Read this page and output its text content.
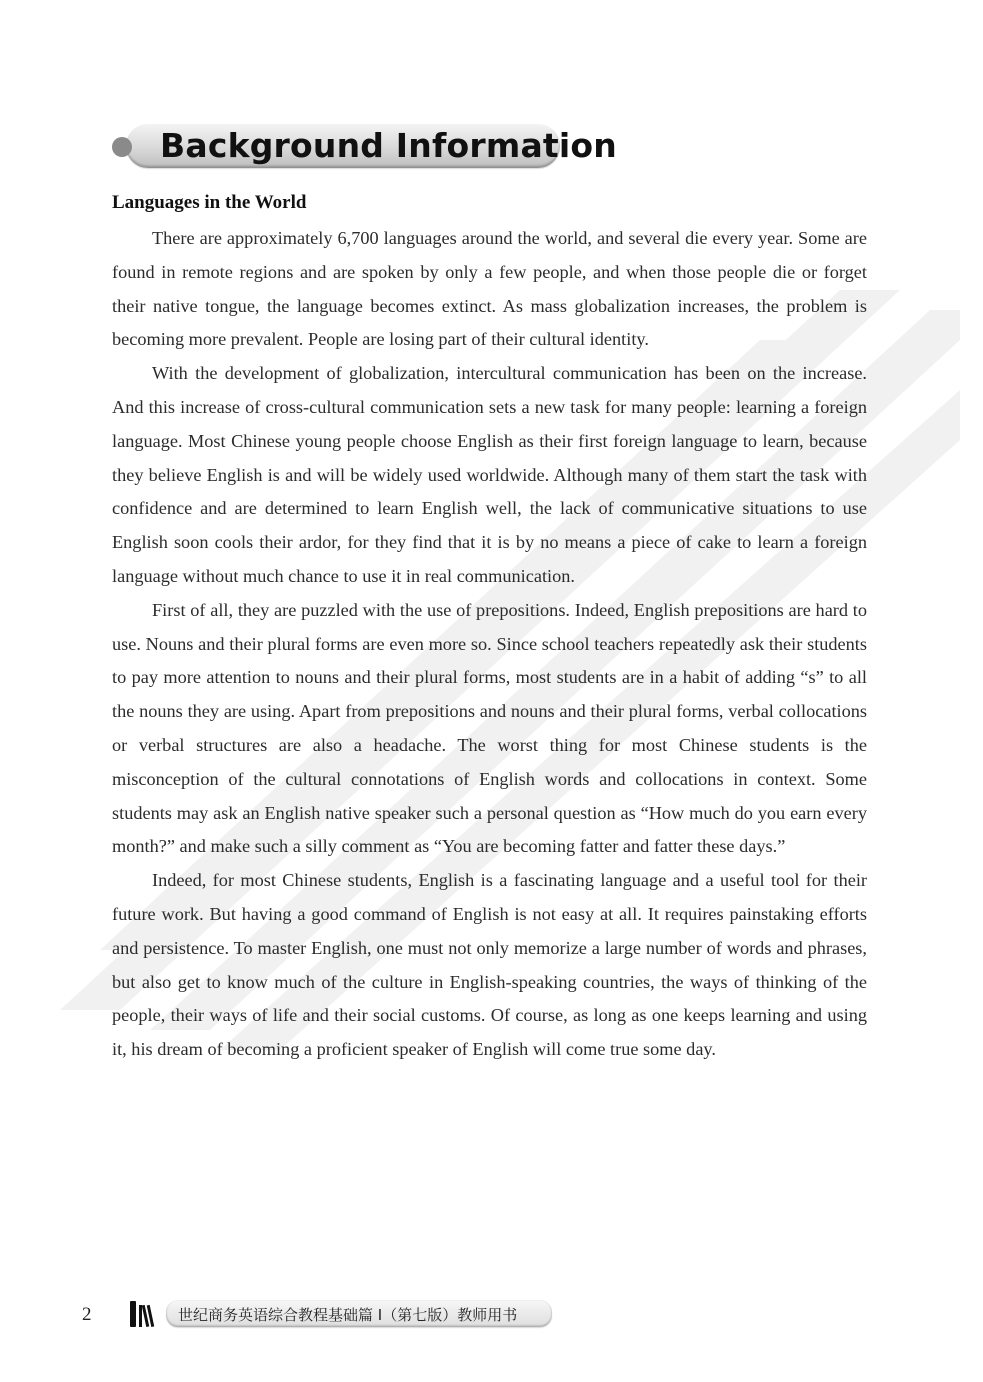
Background Information
Languages in the World

There are approximately 6,700 languages around the world, and several die every year. Some are found in remote regions and are spoken by only a few people, and when those people die or forget their native tongue, the language becomes extinct. As mass globalization increases, the problem is becoming more prevalent. People are losing part of their cultural identity.

With the development of globalization, intercultural communication has been on the increase. And this increase of cross-cultural communication sets a new task for many people: learning a foreign language. Most Chinese young people choose English as their first foreign language to learn, because they believe English is and will be widely used worldwide. Although many of them start the task with confidence and are determined to learn English well, the lack of communicative situations to use English soon cools their ardor, for they find that it is by no means a piece of cake to learn a foreign language without much chance to use it in real communication.

First of all, they are puzzled with the use of prepositions. Indeed, English prepositions are hard to use. Nouns and their plural forms are even more so. Since school teachers repeatedly ask their students to pay more attention to nouns and their plural forms, most students are in a habit of adding “s” to all the nouns they are using. Apart from prepositions and nouns and their plural forms, verbal collocations or verbal structures are also a headache. The worst thing for most Chinese students is the misconception of the cultural connotations of English words and collocations in context. Some students may ask an English native speaker such a personal question as “How much do you earn every month?” and make such a silly comment as “You are becoming fatter and fatter these days.”

Indeed, for most Chinese students, English is a fascinating language and a useful tool for their future work. But having a good command of English is not easy at all. It requires painstaking efforts and persistence. To master English, one must not only memorize a large number of words and phrases, but also get to know much of the culture in English-speaking countries, the ways of thinking of the people, their ways of life and their social customs. Of course, as long as one keeps learning and using it, his dream of becoming a proficient speaker of English will come true some day.

2	世纪商务英语综合教程基础篇 I（第七版）教师用书
